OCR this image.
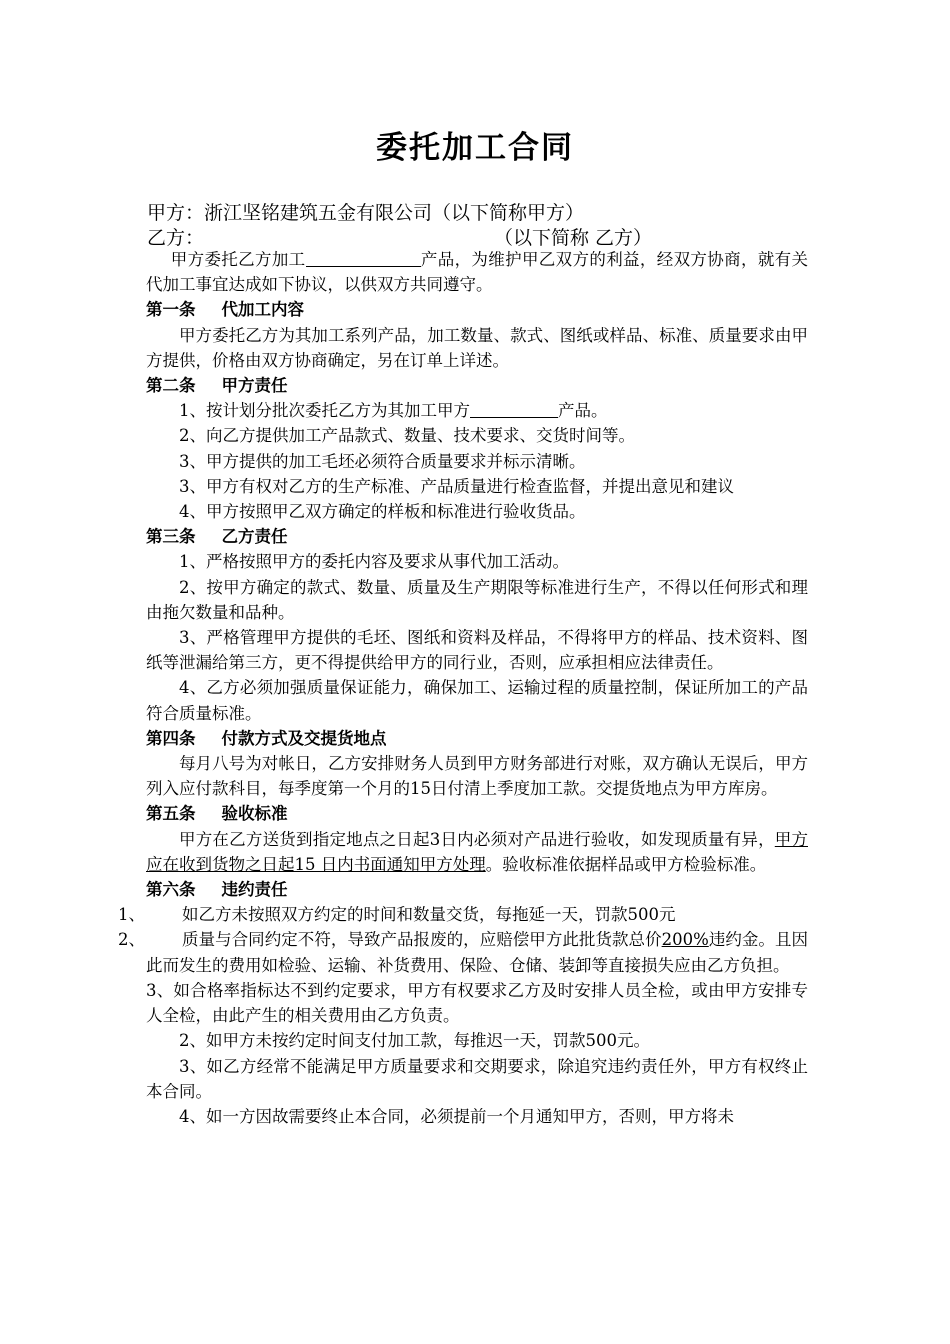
委托加工合同
甲方：浙江坚铭建筑五金有限公司（以下简称甲方）
乙方：	（以下简称 乙方）

甲方委托乙方加工	产品，为维护甲乙双方的利益，经双方协商，就有关代加工事宜达成如下协议，以供双方共同遵守。

第一条 代加工内容

甲方委托乙方为其加工系列产品，加工数量、款式、图纸或样品、标准、质量要求由甲方提供，价格由双方协商确定，另在订单上详述。

第二条 甲方责任

1、按计划分批次委托乙方为其加工甲方	产品。

2、向乙方提供加工产品款式、数量、技术要求、交货时间等。

3、甲方提供的加工毛坯必须符合质量要求并标示清晰。

3、甲方有权对乙方的生产标准、产品质量进行检查监督，并提出意见和建议

4、甲方按照甲乙双方确定的样板和标准进行验收货品。

第三条 乙方责任

1、严格按照甲方的委托内容及要求从事代加工活动。

2、按甲方确定的款式、数量、质量及生产期限等标准进行生产，不得以任何形式和理由拖欠数量和品种。

3、严格管理甲方提供的毛坯、图纸和资料及样品，不得将甲方的样品、技术资料、图纸等泄漏给第三方，更不得提供给甲方的同行业，否则，应承担相应法律责任。

4、乙方必须加强质量保证能力，确保加工、运输过程的质量控制，保证所加工的产品符合质量标准。

第四条 付款方式及交提货地点

每月八号为对帐日，乙方安排财务人员到甲方财务部进行对账，双方确认无误后，甲方列入应付款科目，每季度第一个月的15日付清上季度加工款。交提货地点为甲方库房。

第五条 验收标准

甲方在乙方送货到指定地点之日起3日内必须对产品进行验收，如发现质量有异，甲方应在收到货物之日起15 日内书面通知甲方处理。验收标准依据样品或甲方检验标准。

第六条 违约责任

1、 如乙方未按照双方约定的时间和数量交货，每拖延一天，罚款500元

2、 质量与合同约定不符，导致产品报废的，应赔偿甲方此批货款总价200%违约金。且因此而发生的费用如检验、运输、补货费用、保险、仓储、装卸等直接损失应由乙方负担。

3、如合格率指标达不到约定要求，甲方有权要求乙方及时安排人员全检，或由甲方安排专人全检，由此产生的相关费用由乙方负责。

2、如甲方未按约定时间支付加工款，每推迟一天，罚款500元。

3、如乙方经常不能满足甲方质量要求和交期要求，除追究违约责任外，甲方有权终止本合同。

4、如一方因故需要终止本合同，必须提前一个月通知甲方，否则，甲方将未
